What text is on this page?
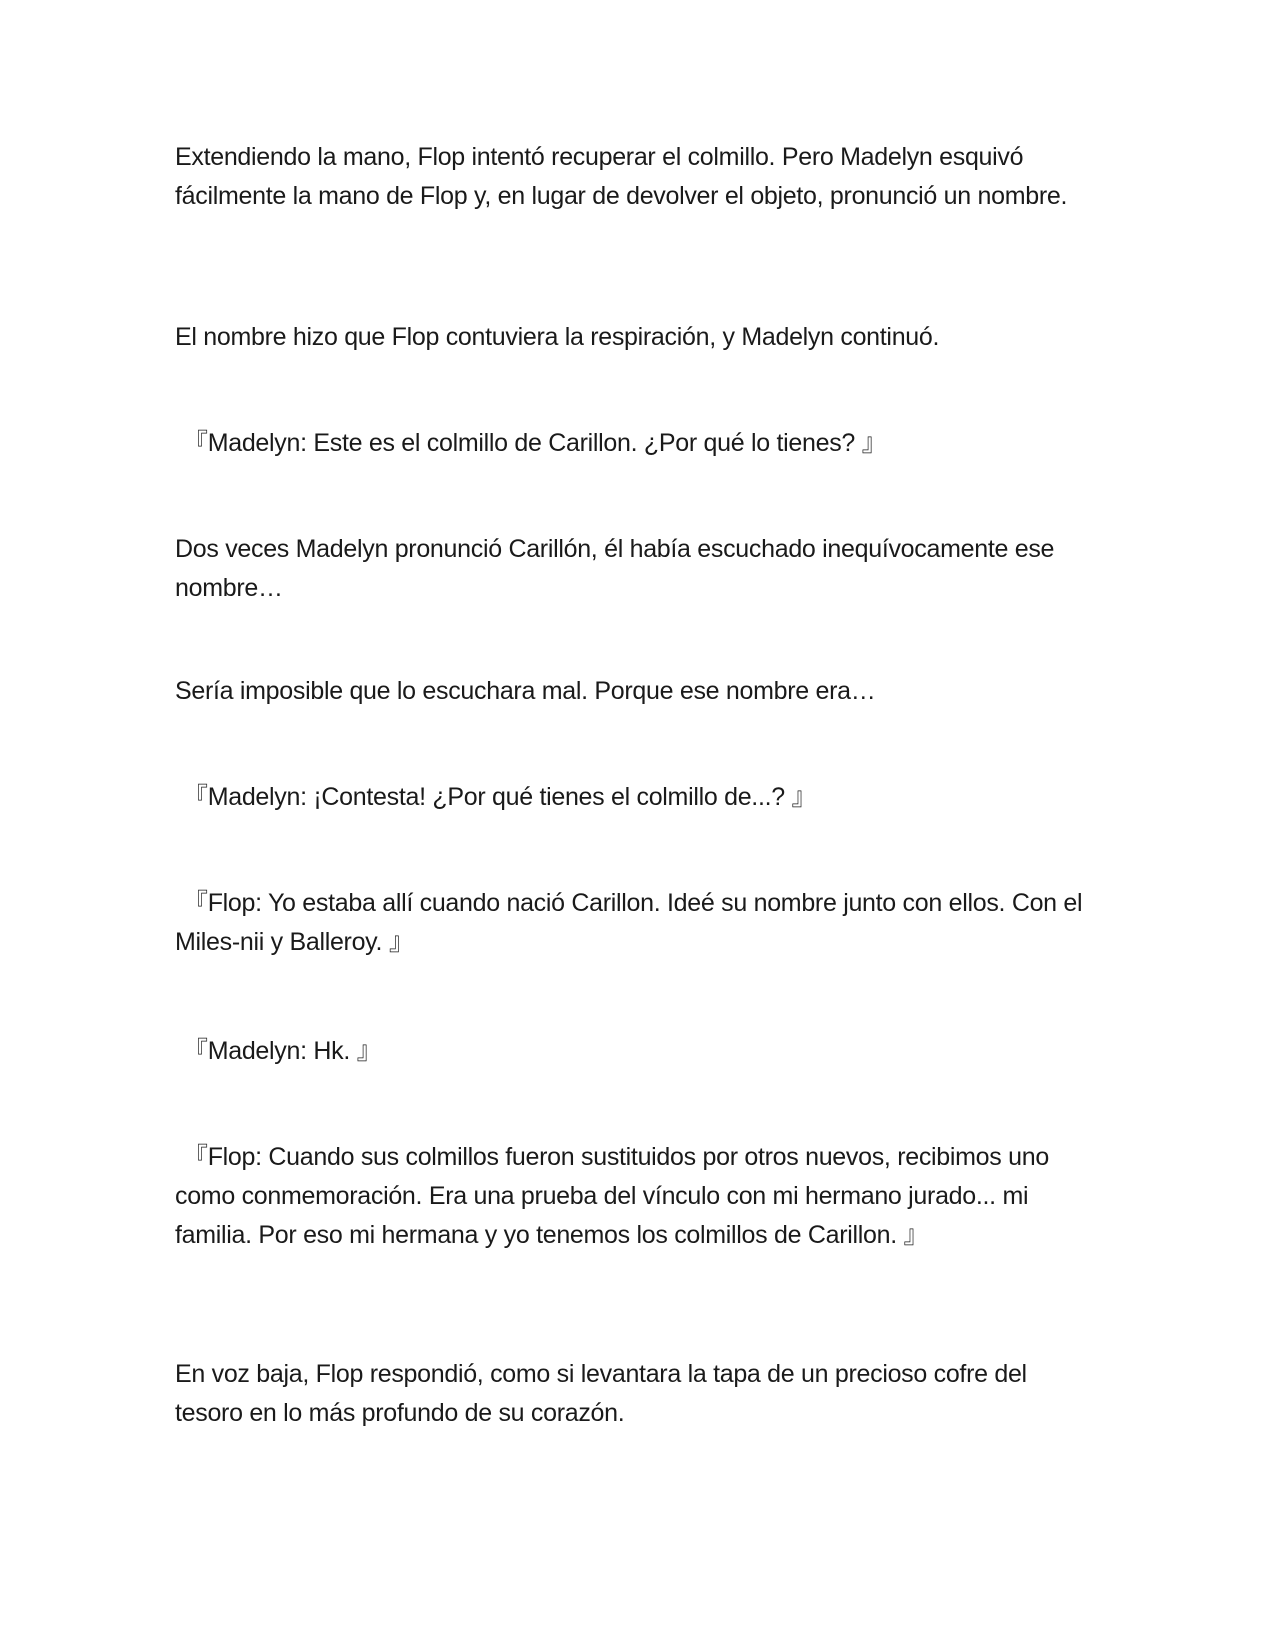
Extendiendo la mano, Flop intentó recuperar el colmillo. Pero Madelyn esquivó fácilmente la mano de Flop y, en lugar de devolver el objeto, pronunció un nombre.

El nombre hizo que Flop contuviera la respiración, y Madelyn continuó.

『Madelyn: Este es el colmillo de Carillon. ¿Por qué lo tienes? 』

Dos veces Madelyn pronunció Carillón, él había escuchado inequívocamente ese nombre…

Sería imposible que lo escuchara mal. Porque ese nombre era…

『Madelyn: ¡Contesta! ¿Por qué tienes el colmillo de...? 』

『Flop: Yo estaba allí cuando nació Carillon. Ideé su nombre junto con ellos. Con el Miles-nii y Balleroy. 』

『Madelyn: Hk. 』

『Flop: Cuando sus colmillos fueron sustituidos por otros nuevos, recibimos uno como conmemoración. Era una prueba del vínculo con mi hermano jurado... mi familia. Por eso mi hermana y yo tenemos los colmillos de Carillon. 』

En voz baja, Flop respondió, como si levantara la tapa de un precioso cofre del tesoro en lo más profundo de su corazón.
